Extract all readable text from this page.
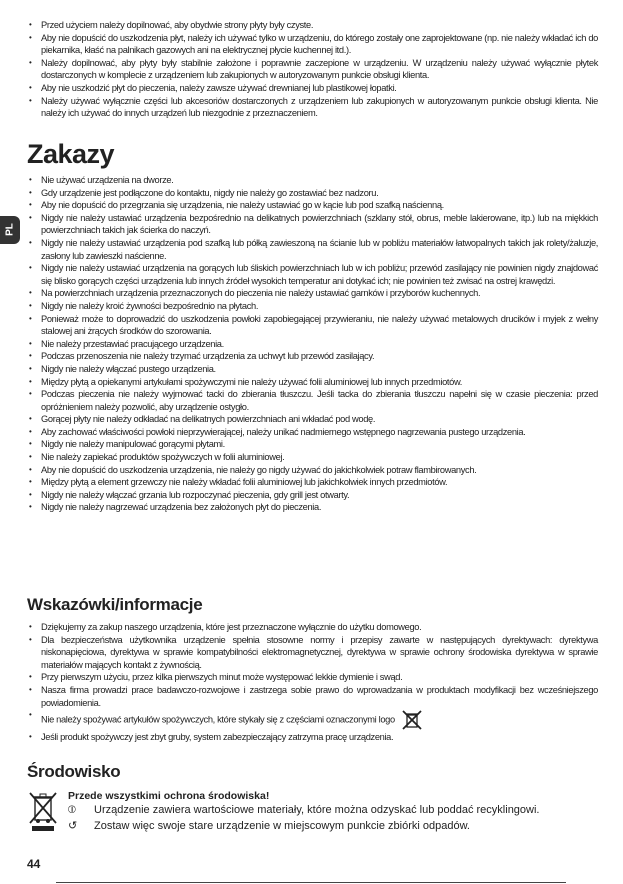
PL
• Przed użyciem należy dopilnować, aby obydwie strony płyty były czyste.
• Aby nie dopuścić do uszkodzenia płyt, należy ich używać tylko w urządzeniu, do którego zostały one zaprojektowane (np. nie należy wkładać ich do piekarnika, kłaść na palnikach gazowych ani na elektrycznej płycie kuchennej itd.).
• Należy dopilnować, aby płyty były stabilnie założone i poprawnie zaczepione w urządzeniu. W urządzeniu należy używać wyłącznie płytek dostarczonych w komplecie z urządzeniem lub zakupionych w autoryzowanym punkcie obsługi klienta.
• Aby nie uszkodzić płyt do pieczenia, należy zawsze używać drewnianej lub plastikowej łopatki.
• Należy używać wyłącznie części lub akcesoriów dostarczonych z urządzeniem lub zakupionych w autoryzowanym punkcie obsługi klienta. Nie należy ich używać do innych urządzeń lub niezgodnie z przeznaczeniem.
Zakazy
• Nie używać urządzenia na dworze.
• Gdy urządzenie jest podłączone do kontaktu, nigdy nie należy go zostawiać bez nadzoru.
• Aby nie dopuścić do przegrzania się urządzenia, nie należy ustawiać go w kącie lub pod szafką naścienną.
• Nigdy nie należy ustawiać urządzenia bezpośrednio na delikatnych powierzchniach (szklany stół, obrus, meble lakierowane, itp.) lub na miękkich powierzchniach takich jak ścierka do naczyń.
• Nigdy nie należy ustawiać urządzenia pod szafką lub półką zawieszoną na ścianie lub w pobliżu materiałów łatwopalnych takich jak rolety/żaluzje, zasłony lub zawieszki naścienne.
• Nigdy nie należy ustawiać urządzenia na gorących lub śliskich powierzchniach lub w ich pobliżu; przewód zasilający nie powinien nigdy znajdować się blisko gorących części urządzenia lub innych źródeł wysokich temperatur ani dotykać ich; nie powinien też zwisać na ostrej krawędzi.
• Na powierzchniach urządzenia przeznaczonych do pieczenia nie należy ustawiać garnków i przyborów kuchennych.
• Nigdy nie należy kroić żywności bezpośrednio na płytach.
• Ponieważ może to doprowadzić do uszkodzenia powłoki zapobiegającej przywieraniu, nie należy używać metalowych drucików i myjek z wełny stalowej ani żrących środków do szorowania.
• Nie należy przestawiać pracującego urządzenia.
• Podczas przenoszenia nie należy trzymać urządzenia za uchwyt lub przewód zasilający.
• Nigdy nie należy włączać pustego urządzenia.
• Między płytą a opiekanymi artykułami spożywczymi nie należy używać folii aluminiowej lub innych przedmiotów.
• Podczas pieczenia nie należy wyjmować tacki do zbierania tłuszczu. Jeśli tacka do zbierania tłuszczu napełni się w czasie pieczenia: przed opróżnieniem należy pozwolić, aby urządzenie ostygło.
• Gorącej płyty nie należy odkładać na delikatnych powierzchniach ani wkładać pod wodę.
• Aby zachować właściwości powłoki nieprzywierającej, należy unikać nadmiernego wstępnego nagrzewania pustego urządzenia.
• Nigdy nie należy manipulować gorącymi płytami.
• Nie należy zapiekać produktów spożywczych w folii aluminiowej.
• Aby nie dopuścić do uszkodzenia urządzenia, nie należy go nigdy używać do jakichkolwiek potraw flambirowanych.
• Między płytą a element grzewczy nie należy wkładać folii aluminiowej lub jakichkolwiek innych przedmiotów.
• Nigdy nie należy włączać grzania lub rozpoczynać pieczenia, gdy grill jest otwarty.
• Nigdy nie należy nagrzewać urządzenia bez założonych płyt do pieczenia.
Wskazówki/informacje
• Dziękujemy za zakup naszego urządzenia, które jest przeznaczone wyłącznie do użytku domowego.
• Dla bezpieczeństwa użytkownika urządzenie spełnia stosowne normy i przepisy zawarte w następujących dyrektywach: dyrektywa niskonapięciowa, dyrektywa w sprawie kompatybilności elektromagnetycznej, dyrektywa w sprawie ochrony środowiska dyrektywa w sprawie materiałów mających kontakt z żywnością.
• Przy pierwszym użyciu, przez kilka pierwszych minut może występować lekkie dymienie i swąd.
• Nasza firma prowadzi prace badawczo-rozwojowe i zastrzega sobie prawo do wprowadzania w produktach modyfikacji bez wcześniejszego powiadomienia.
• Nie należy spożywać artykułów spożywczych, które stykały się z częściami oznaczonymi logo
• Jeśli produkt spożywczy jest zbyt gruby, system zabezpieczający zatrzyma pracę urządzenia.
Środowisko
Przede wszystkimi ochrona środowiska!
⦶ Urządzenie zawiera wartościowe materiały, które można odzyskać lub poddać recyklingowi.
↺ Zostaw więc swoje stare urządzenie w miejscowym punkcie zbiórki odpadów.
44
